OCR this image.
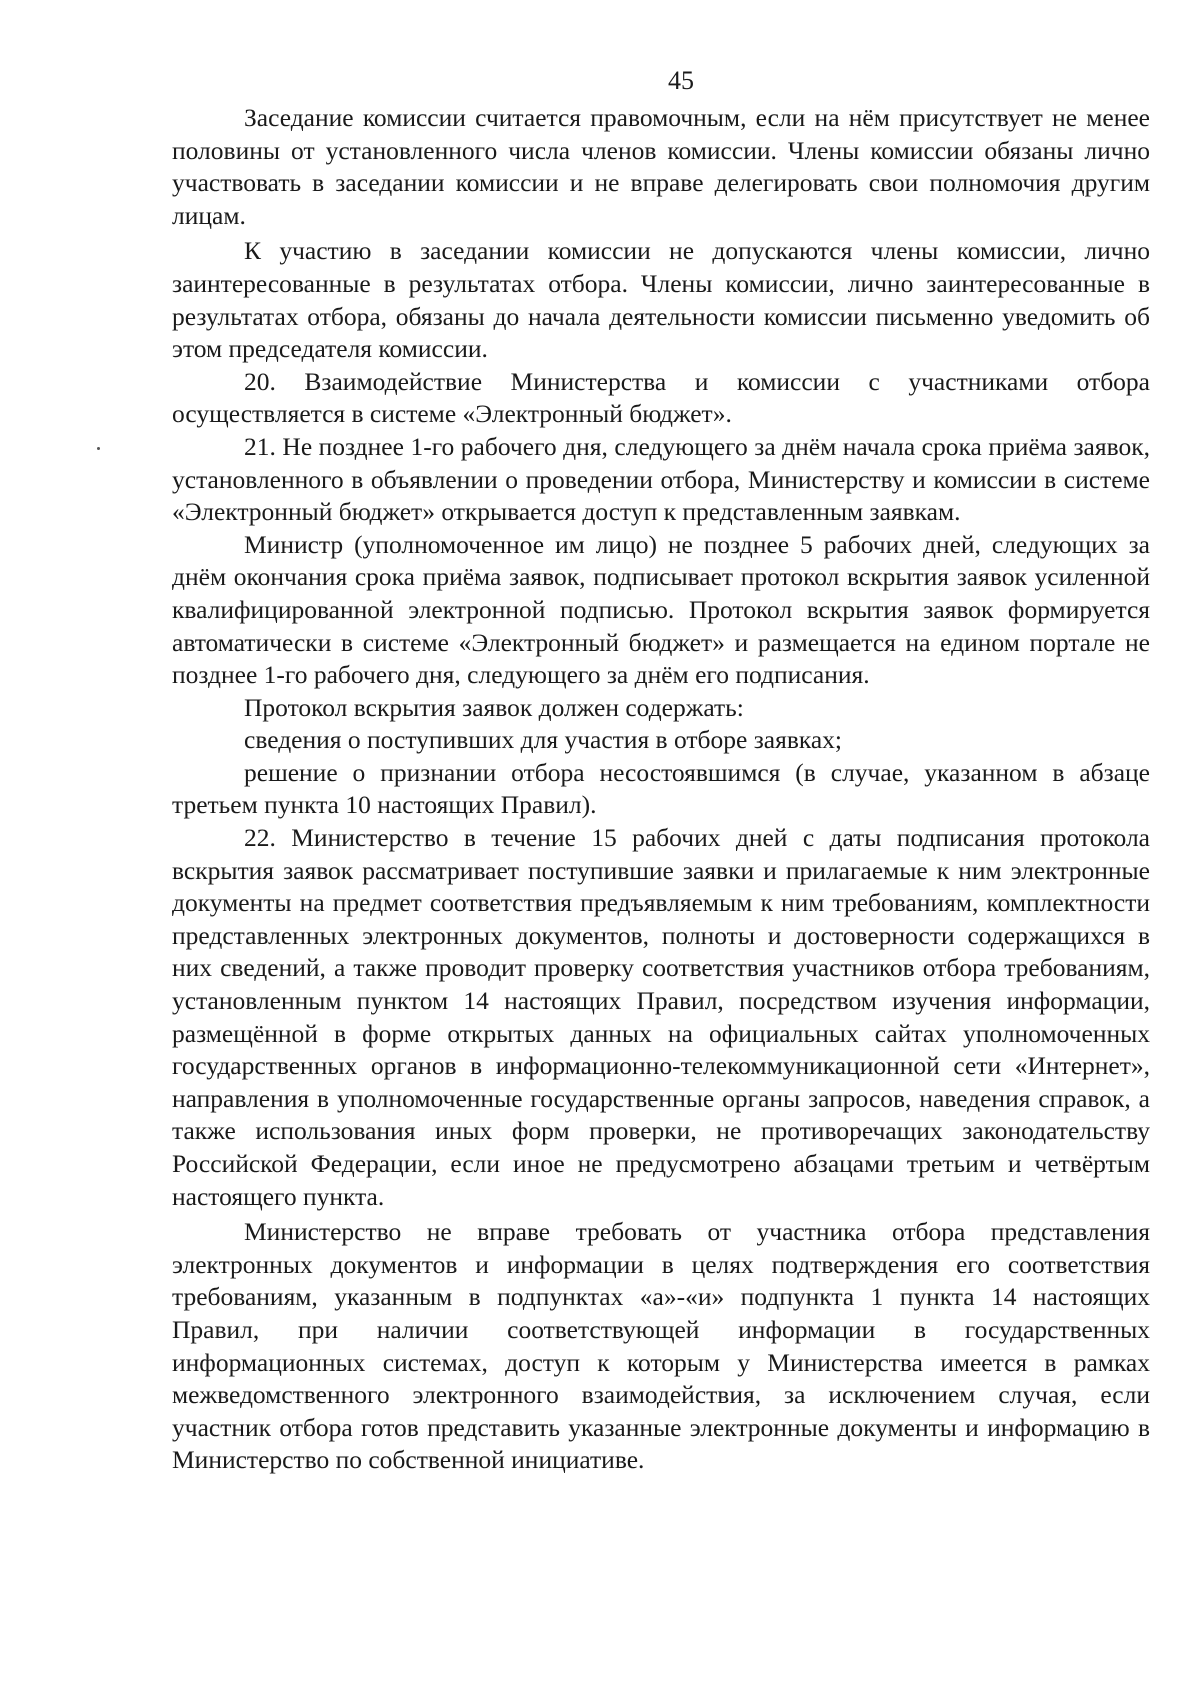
45

Заседание комиссии считается правомочным, если на нём присутствует не менее половины от установленного числа членов комиссии. Члены комиссии обязаны лично участвовать в заседании комиссии и не вправе делегировать свои полномочия другим лицам.

К участию в заседании комиссии не допускаются члены комиссии, лично заинтересованные в результатах отбора. Члены комиссии, лично заинтересованные в результатах отбора, обязаны до начала деятельности комиссии письменно уведомить об этом председателя комиссии.

20. Взаимодействие Министерства и комиссии с участниками отбора осуществляется в системе «Электронный бюджет».

21. Не позднее 1-го рабочего дня, следующего за днём начала срока приёма заявок, установленного в объявлении о проведении отбора, Министерству и комиссии в системе «Электронный бюджет» открывается доступ к представленным заявкам.

Министр (уполномоченное им лицо) не позднее 5 рабочих дней, следующих за днём окончания срока приёма заявок, подписывает протокол вскрытия заявок усиленной квалифицированной электронной подписью. Протокол вскрытия заявок формируется автоматически в системе «Электронный бюджет» и размещается на едином портале не позднее 1-го рабочего дня, следующего за днём его подписания.

Протокол вскрытия заявок должен содержать:

сведения о поступивших для участия в отборе заявках;

решение о признании отбора несостоявшимся (в случае, указанном в абзаце третьем пункта 10 настоящих Правил).

22. Министерство в течение 15 рабочих дней с даты подписания протокола вскрытия заявок рассматривает поступившие заявки и прилагаемые к ним электронные документы на предмет соответствия предъявляемым к ним требованиям, комплектности представленных электронных документов, полноты и достоверности содержащихся в них сведений, а также проводит проверку соответствия участников отбора требованиям, установленным пунктом 14 настоящих Правил, посредством изучения информации, размещённой в форме открытых данных на официальных сайтах уполномоченных государственных органов в информационно-телекоммуникационной сети «Интернет», направления в уполномоченные государственные органы запросов, наведения справок, а также использования иных форм проверки, не противоречащих законодательству Российской Федерации, если иное не предусмотрено абзацами третьим и четвёртым настоящего пункта.

Министерство не вправе требовать от участника отбора представления электронных документов и информации в целях подтверждения его соответствия требованиям, указанным в подпунктах «а»-«и» подпункта 1 пункта 14 настоящих Правил, при наличии соответствующей информации в государственных информационных системах, доступ к которым у Министерства имеется в рамках межведомственного электронного взаимодействия, за исключением случая, если участник отбора готов представить указанные электронные документы и информацию в Министерство по собственной инициативе.
